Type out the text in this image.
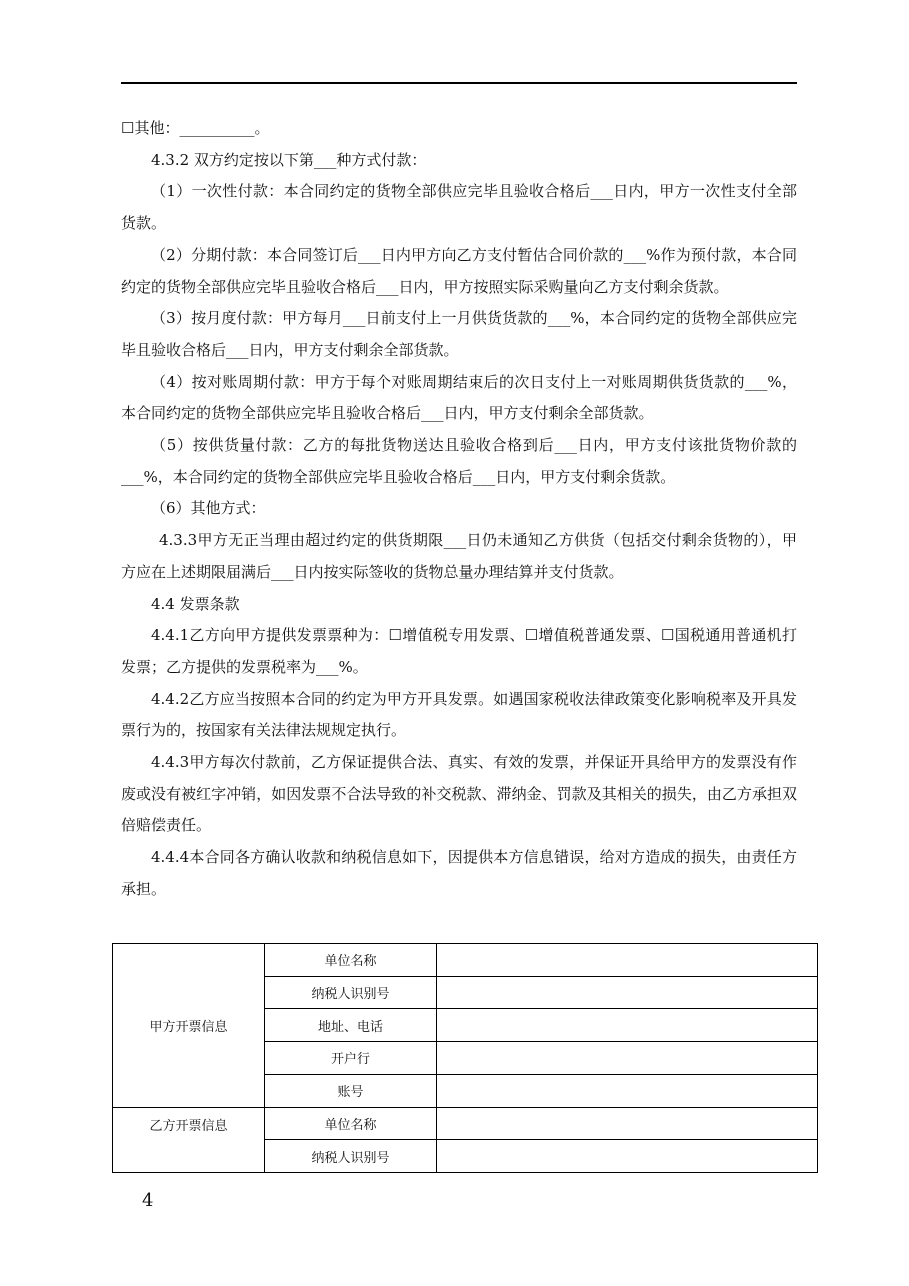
☐其他：__________。

4.3.2 双方约定按以下第___种方式付款：

（1）一次性付款：本合同约定的货物全部供应完毕且验收合格后___日内，甲方一次性支付全部货款。

（2）分期付款：本合同签订后___日内甲方向乙方支付暂估合同价款的___%作为预付款，本合同约定的货物全部供应完毕且验收合格后___日内，甲方按照实际采购量向乙方支付剩余货款。

（3）按月度付款：甲方每月___日前支付上一月供货货款的___%，本合同约定的货物全部供应完毕且验收合格后___日内，甲方支付剩余全部货款。

（4）按对账周期付款：甲方于每个对账周期结束后的次日支付上一对账周期供货货款的___%，本合同约定的货物全部供应完毕且验收合格后___日内，甲方支付剩余全部货款。

（5）按供货量付款：乙方的每批货物送达且验收合格到后___日内，甲方支付该批货物价款的___%，本合同约定的货物全部供应完毕且验收合格后___日内，甲方支付剩余货款。

（6）其他方式：

4.3.3甲方无正当理由超过约定的供货期限___日仍未通知乙方供货（包括交付剩余货物的），甲方应在上述期限届满后___日内按实际签收的货物总量办理结算并支付货款。

4.4 发票条款

4.4.1乙方向甲方提供发票票种为：☐增值税专用发票、☐增值税普通发票、☐国税通用普通机打发票；乙方提供的发票税率为___%。

4.4.2乙方应当按照本合同的约定为甲方开具发票。如遇国家税收法律政策变化影响税率及开具发票行为的，按国家有关法律法规规定执行。

4.4.3甲方每次付款前，乙方保证提供合法、真实、有效的发票，并保证开具给甲方的发票没有作废或没有被红字冲销，如因发票不合法导致的补交税款、滞纳金、罚款及其相关的损失，由乙方承担双倍赔偿责任。

4.4.4本合同各方确认收款和纳税信息如下，因提供本方信息错误，给对方造成的损失，由责任方承担。

甲方开票信息	单位名称	
	纳税人识别号	
	地址、电话	
	开户行	
	账号	
乙方开票信息	单位名称	
	纳税人识别号	
4
